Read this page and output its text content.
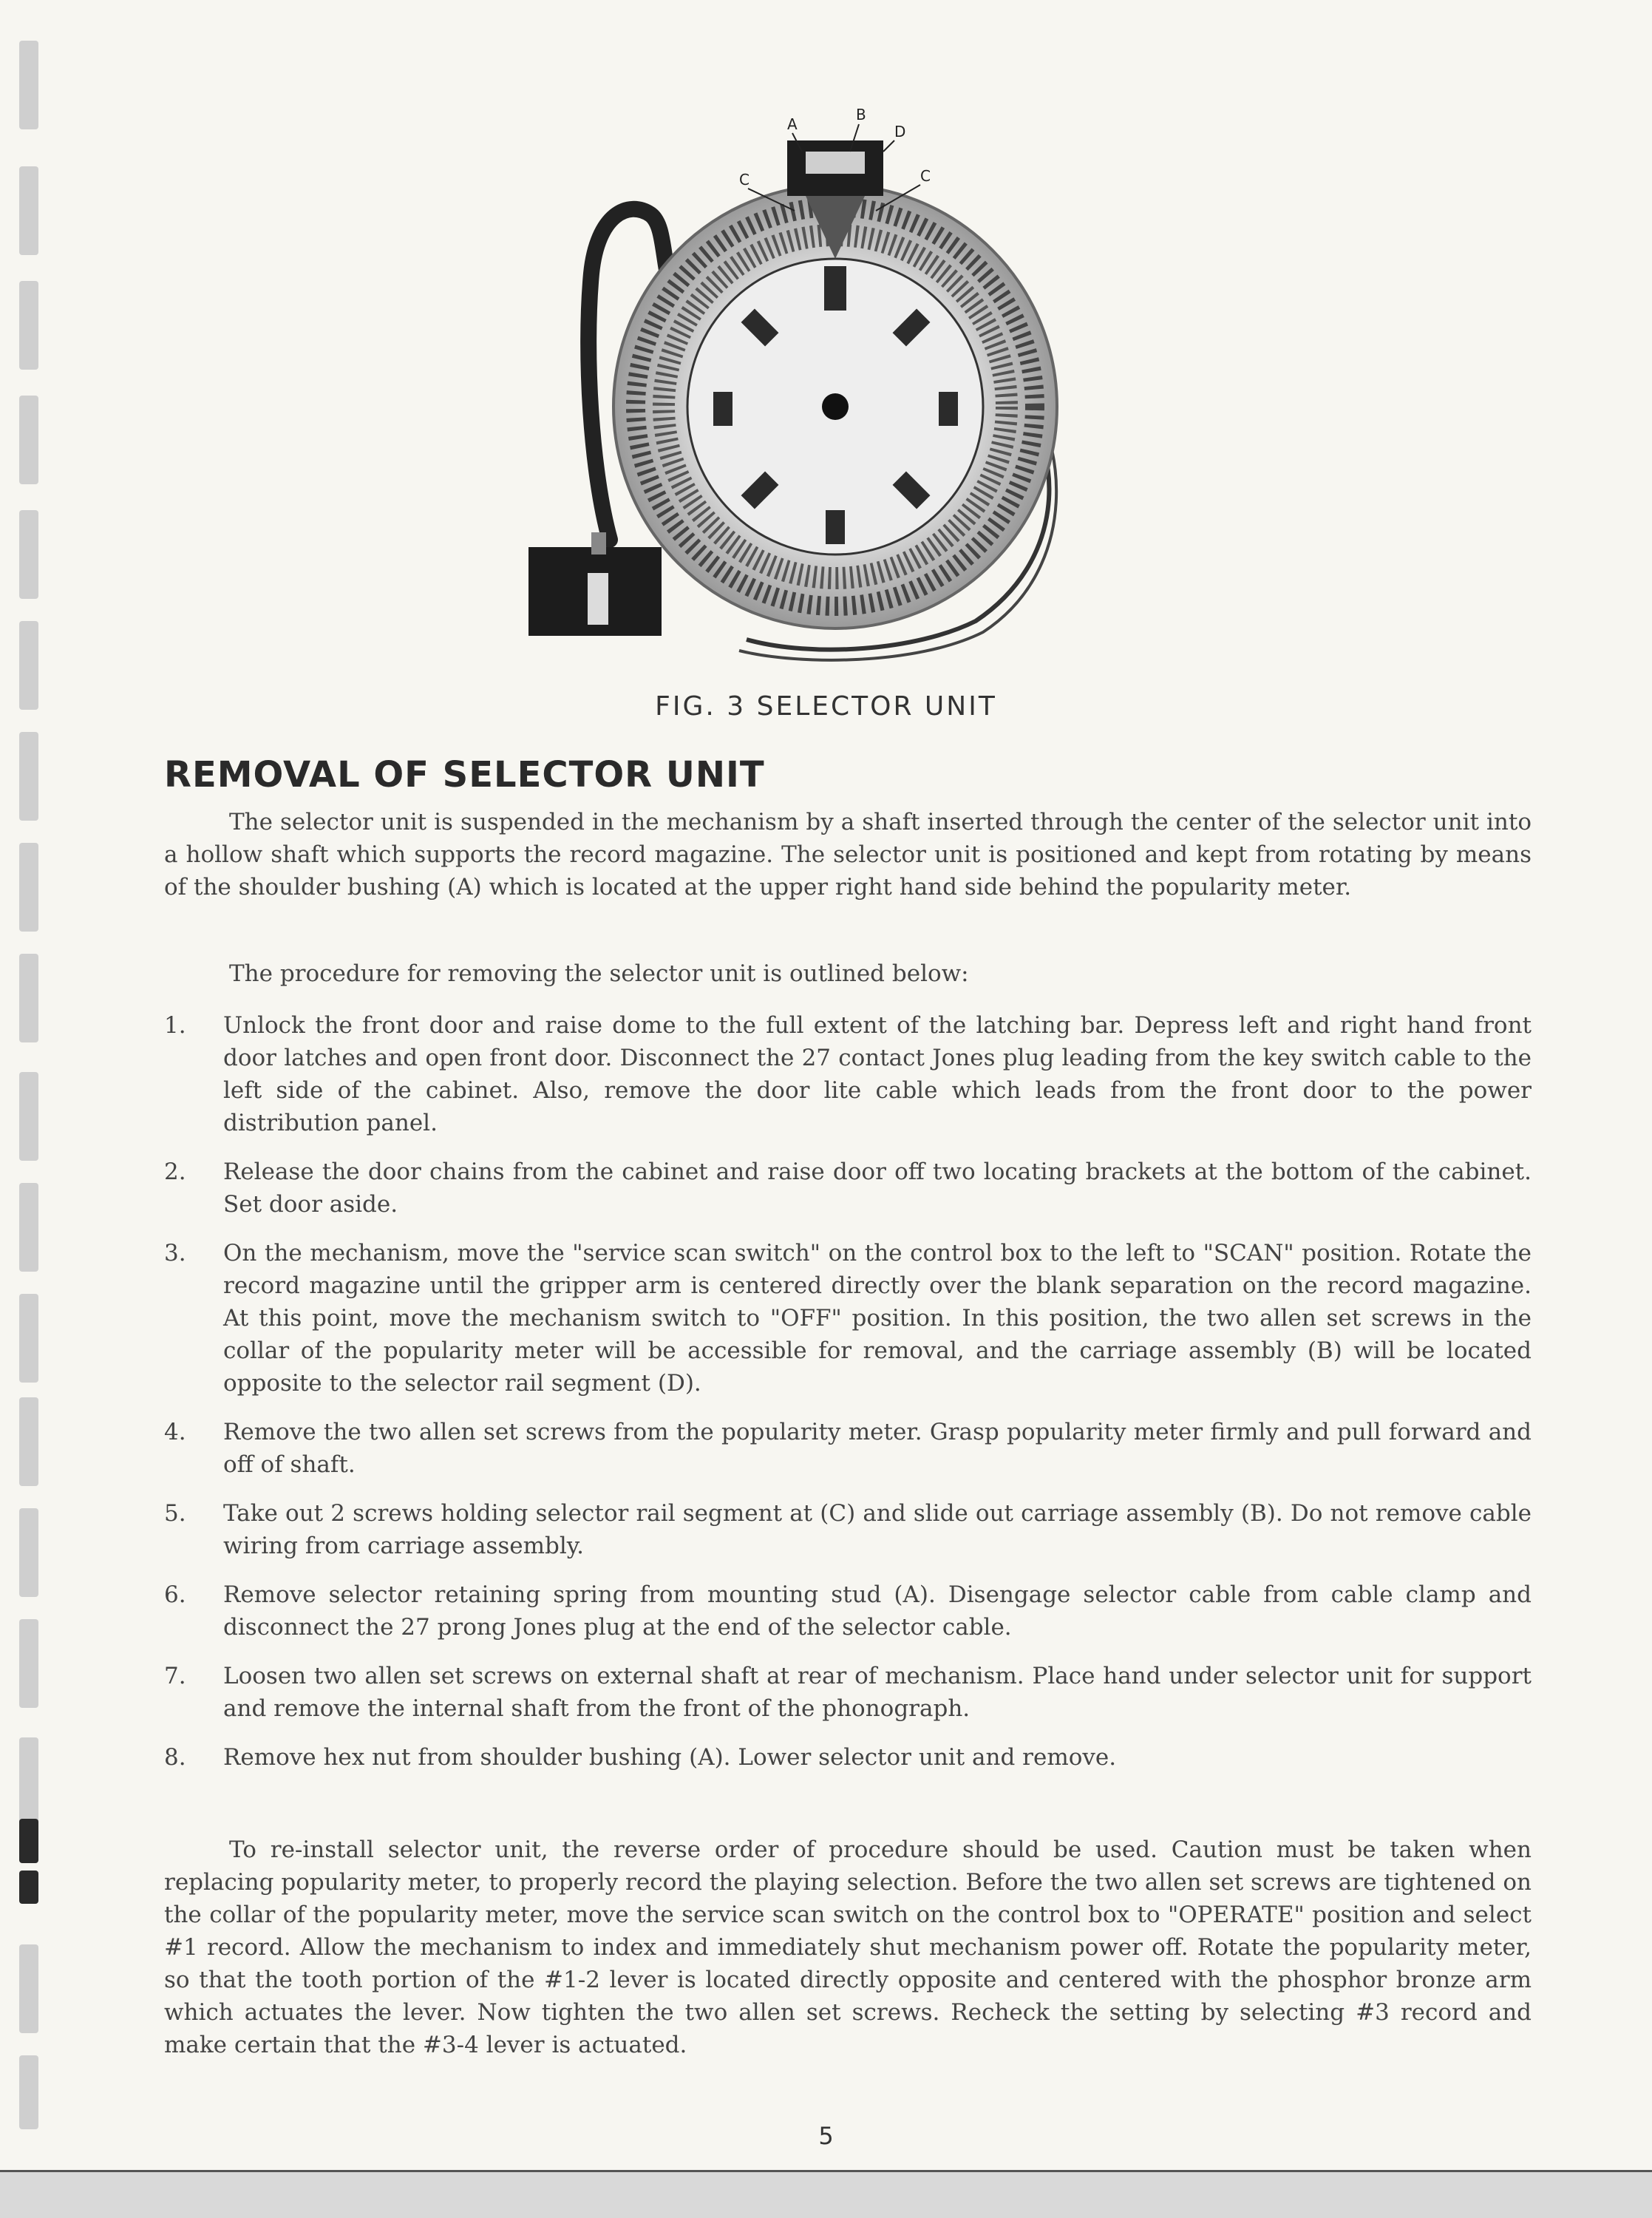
A
B
C	C
D
FIG. 3 SELECTOR UNIT
REMOVAL OF SELECTOR UNIT

The selector unit is suspended in the mechanism by a shaft inserted through the center of the selector unit into a hollow shaft which supports the record magazine. The selector unit is positioned and kept from rotating by means of the shoulder bushing (A) which is located at the upper right hand side behind the popularity meter.

The procedure for removing the selector unit is outlined below:

1. Unlock the front door and raise dome to the full extent of the latching bar. Depress left and right hand front door latches and open front door. Disconnect the 27 contact Jones plug leading from the key switch cable to the left side of the cabinet. Also, remove the door lite cable which leads from the front door to the power distribution panel.
2. Release the door chains from the cabinet and raise door off two locating brackets at the bottom of the cabinet. Set door aside.
3. On the mechanism, move the "service scan switch" on the control box to the left to "SCAN" position. Rotate the record magazine until the gripper arm is centered directly over the blank separation on the record magazine. At this point, move the mechanism switch to "OFF" position. In this position, the two allen set screws in the collar of the popularity meter will be accessible for removal, and the carriage assembly (B) will be located opposite to the selector rail segment (D).
4. Remove the two allen set screws from the popularity meter. Grasp popularity meter firmly and pull forward and off of shaft.
5. Take out 2 screws holding selector rail segment at (C) and slide out carriage assembly (B). Do not remove cable wiring from carriage assembly.
6. Remove selector retaining spring from mounting stud (A). Disengage selector cable from cable clamp and disconnect the 27 prong Jones plug at the end of the selector cable.
7. Loosen two allen set screws on external shaft at rear of mechanism. Place hand under selector unit for support and remove the internal shaft from the front of the phonograph.
8. Remove hex nut from shoulder bushing (A). Lower selector unit and remove.

To re-install selector unit, the reverse order of procedure should be used. Caution must be taken when replacing popularity meter, to properly record the playing selection. Before the two allen set screws are tightened on the collar of the popularity meter, move the service scan switch on the control box to "OPERATE" position and select #1 record. Allow the mechanism to index and immediately shut mechanism power off. Rotate the popularity meter, so that the tooth portion of the #1-2 lever is located directly opposite and centered with the phosphor bronze arm which actuates the lever. Now tighten the two allen set screws. Recheck the setting by selecting #3 record and make certain that the #3-4 lever is actuated.

5
